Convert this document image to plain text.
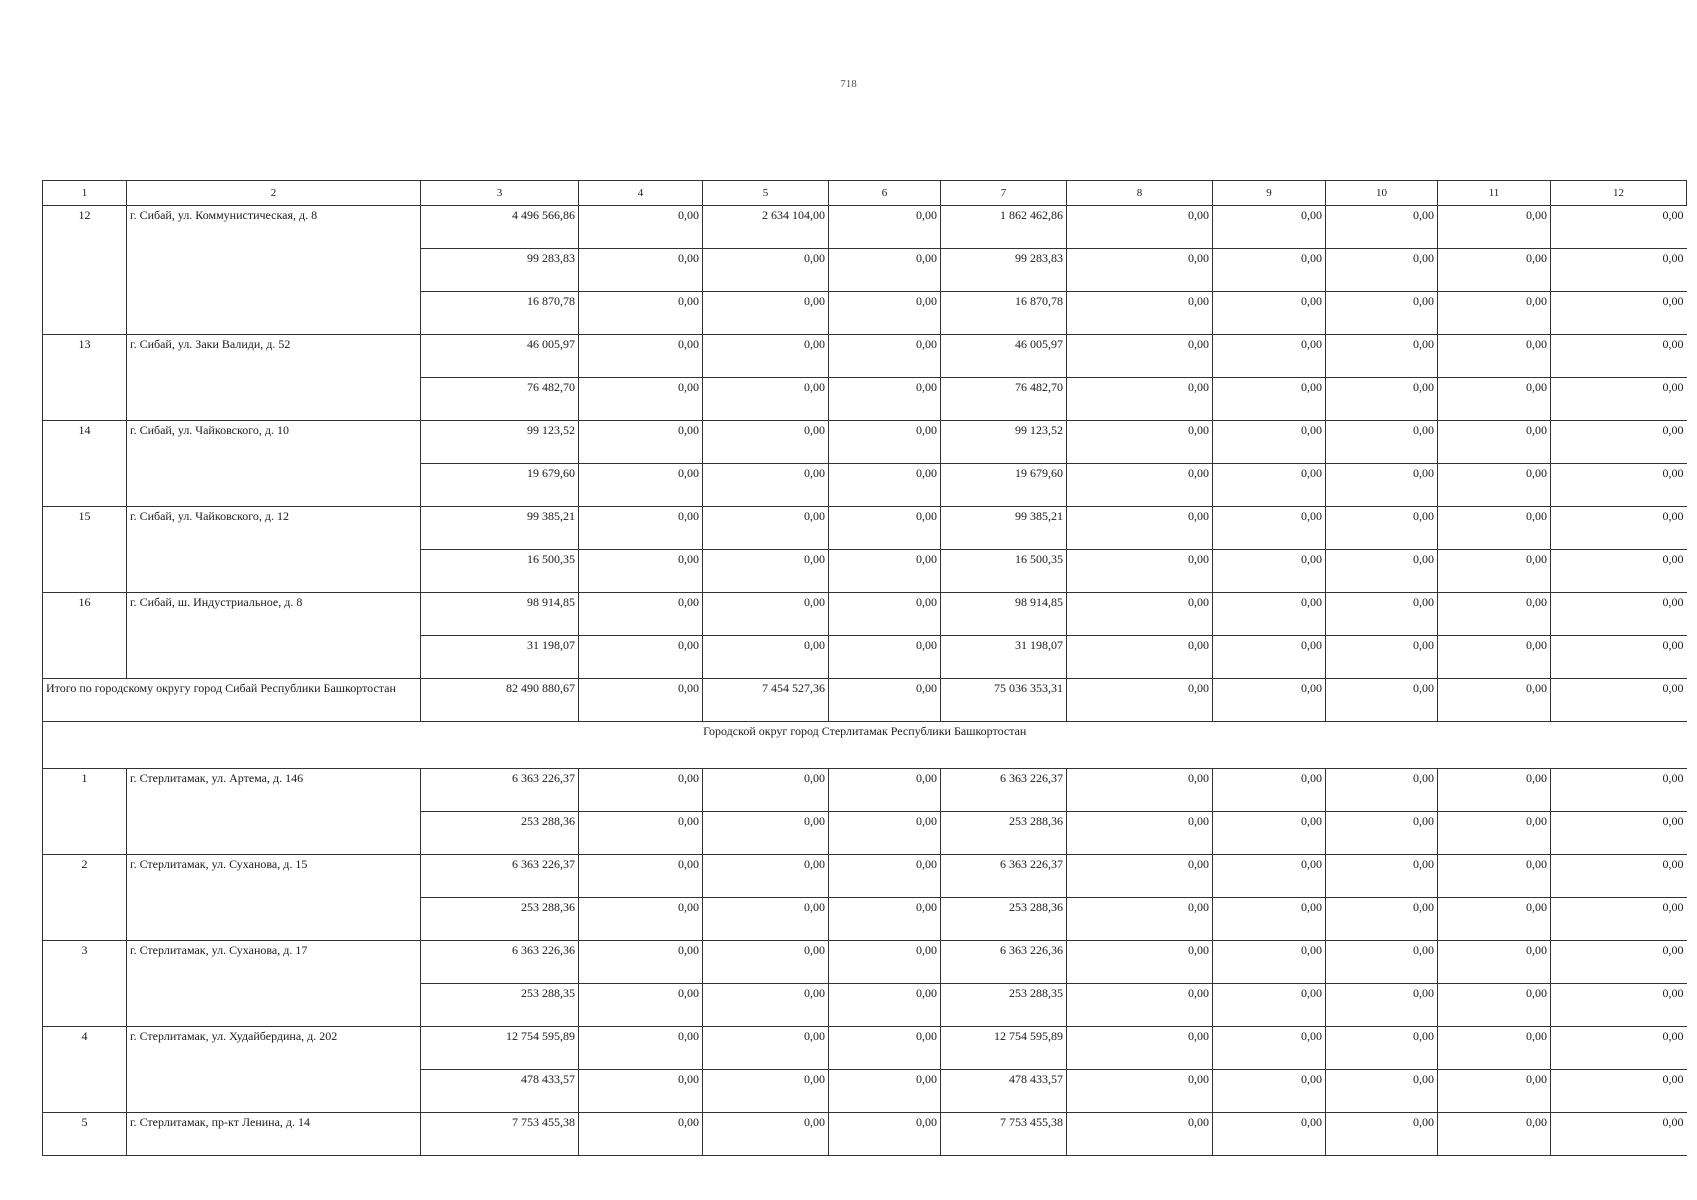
718
1	2	3	4	5	6	7	8	9	10	11	12
12	г. Сибай, ул. Коммунистическая, д. 8	4 496 566,86	0,00	2 634 104,00	0,00	1 862 462,86	0,00	0,00	0,00	0,00	0,00
		99 283,83	0,00	0,00	0,00	99 283,83	0,00	0,00	0,00	0,00	0,00
		16 870,78	0,00	0,00	0,00	16 870,78	0,00	0,00	0,00	0,00	0,00
13	г. Сибай, ул. Заки Валиди, д. 52	46 005,97	0,00	0,00	0,00	46 005,97	0,00	0,00	0,00	0,00	0,00
		76 482,70	0,00	0,00	0,00	76 482,70	0,00	0,00	0,00	0,00	0,00
14	г. Сибай, ул. Чайковского, д. 10	99 123,52	0,00	0,00	0,00	99 123,52	0,00	0,00	0,00	0,00	0,00
		19 679,60	0,00	0,00	0,00	19 679,60	0,00	0,00	0,00	0,00	0,00
15	г. Сибай, ул. Чайковского, д. 12	99 385,21	0,00	0,00	0,00	99 385,21	0,00	0,00	0,00	0,00	0,00
		16 500,35	0,00	0,00	0,00	16 500,35	0,00	0,00	0,00	0,00	0,00
16	г. Сибай, ш. Индустриальное, д. 8	98 914,85	0,00	0,00	0,00	98 914,85	0,00	0,00	0,00	0,00	0,00
		31 198,07	0,00	0,00	0,00	31 198,07	0,00	0,00	0,00	0,00	0,00
Итого по городскому округу город Сибай Республики Башкортостан		82 490 880,67	0,00	7 454 527,36	0,00	75 036 353,31	0,00	0,00	0,00	0,00	0,00
Городской округ город Стерлитамак Республики Башкортостан											
1	г. Стерлитамак, ул. Артема, д. 146	6 363 226,37	0,00	0,00	0,00	6 363 226,37	0,00	0,00	0,00	0,00	0,00
		253 288,36	0,00	0,00	0,00	253 288,36	0,00	0,00	0,00	0,00	0,00
2	г. Стерлитамак, ул. Суханова, д. 15	6 363 226,37	0,00	0,00	0,00	6 363 226,37	0,00	0,00	0,00	0,00	0,00
		253 288,36	0,00	0,00	0,00	253 288,36	0,00	0,00	0,00	0,00	0,00
3	г. Стерлитамак, ул. Суханова, д. 17	6 363 226,36	0,00	0,00	0,00	6 363 226,36	0,00	0,00	0,00	0,00	0,00
		253 288,35	0,00	0,00	0,00	253 288,35	0,00	0,00	0,00	0,00	0,00
4	г. Стерлитамак, ул. Худайбердина, д. 202	12 754 595,89	0,00	0,00	0,00	12 754 595,89	0,00	0,00	0,00	0,00	0,00
		478 433,57	0,00	0,00	0,00	478 433,57	0,00	0,00	0,00	0,00	0,00
5	г. Стерлитамак, пр-кт Ленина, д. 14	7 753 455,38	0,00	0,00	0,00	7 753 455,38	0,00	0,00	0,00	0,00	0,00
